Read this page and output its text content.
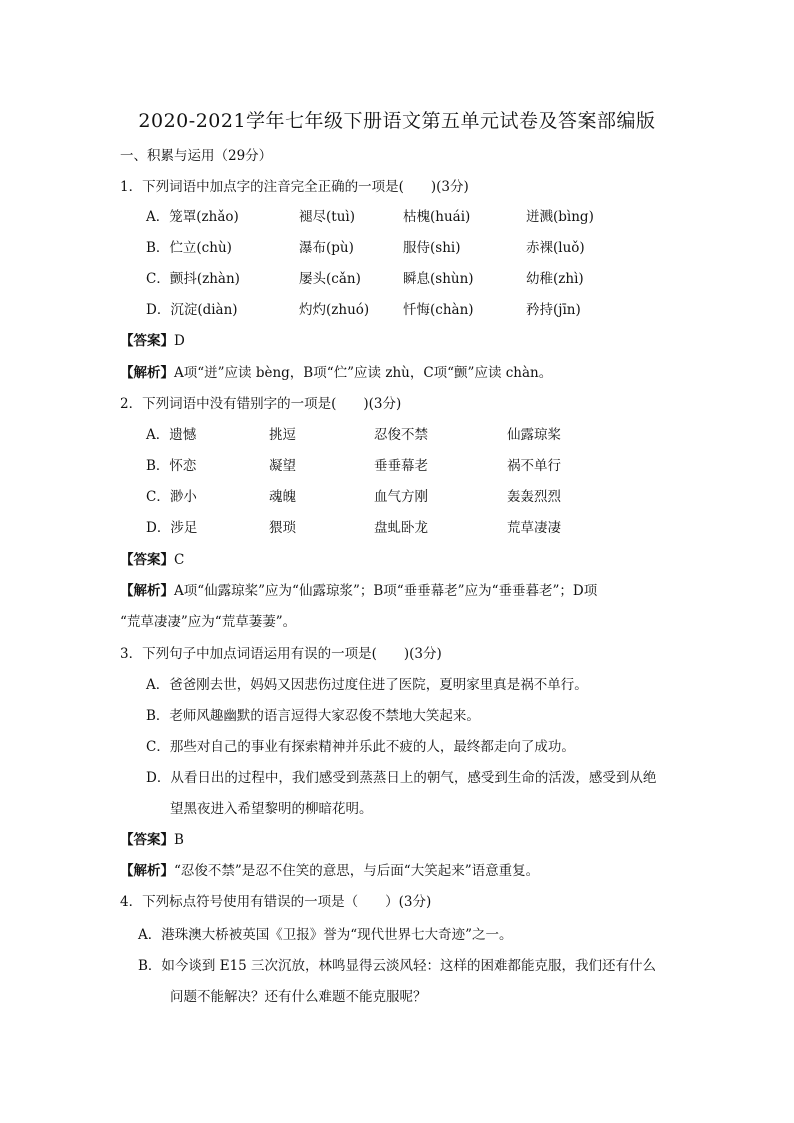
2020-2021学年七年级下册语文第五单元试卷及答案部编版
一、积累与运用（29分）
1．下列词语中加点字的注音完全正确的一项是(　　)(3分)
A．笼罩(zhǎo)	褪尽(tuì)	枯槐(huái)	迸溅(bìng)
B．伫立(chù)	瀑布(pù)	服侍(shi)	赤裸(luǒ)
C．颤抖(zhàn)	屡头(cǎn)	瞬息(shùn)	幼稚(zhì)
D．沉淀(diàn)	灼灼(zhuó)	忏悔(chàn)	矜持(jīn)
【答案】D
【解析】A项“迸”应读 bèng，B项“伫”应读 zhù，C项“颤”应读 chàn。
2．下列词语中没有错别字的一项是(　　)(3分)
A．遗憾	挑逗	忍俊不禁	仙露琼桨
B．怀恋	凝望	垂垂幕老	祸不单行
C．渺小	魂魄	血气方刚	轰轰烈烈
D．涉足	猥琐	盘虬卧龙	荒草凄凄
【答案】C
【解析】A项“仙露琼桨”应为“仙露琼浆”；B项“垂垂幕老”应为“垂垂暮老”；D项
“荒草凄凄”应为“荒草萋萋”。
3．下列句子中加点词语运用有误的一项是(　　)(3分)
A．爸爸刚去世，妈妈又因悲伤过度住进了医院，夏明家里真是祸不单行。
B．老师风趣幽默的语言逗得大家忍俊不禁地大笑起来。
C．那些对自己的事业有探索精神并乐此不疲的人，最终都走向了成功。
D．从看日出的过程中，我们感受到蒸蒸日上的朝气，感受到生命的活泼，感受到从绝
望黑夜进入希望黎明的柳暗花明。
【答案】B
【解析】“忍俊不禁”是忍不住笑的意思，与后面“大笑起来”语意重复。
4．下列标点符号使用有错误的一项是（　　）(3分)
A．港珠澳大桥被英国《卫报》誉为“现代世界七大奇迹”之一。
B．如今谈到 E15 三次沉放，林鸣显得云淡风轻：这样的困难都能克服，我们还有什么
问题不能解决？还有什么难题不能克服呢？
